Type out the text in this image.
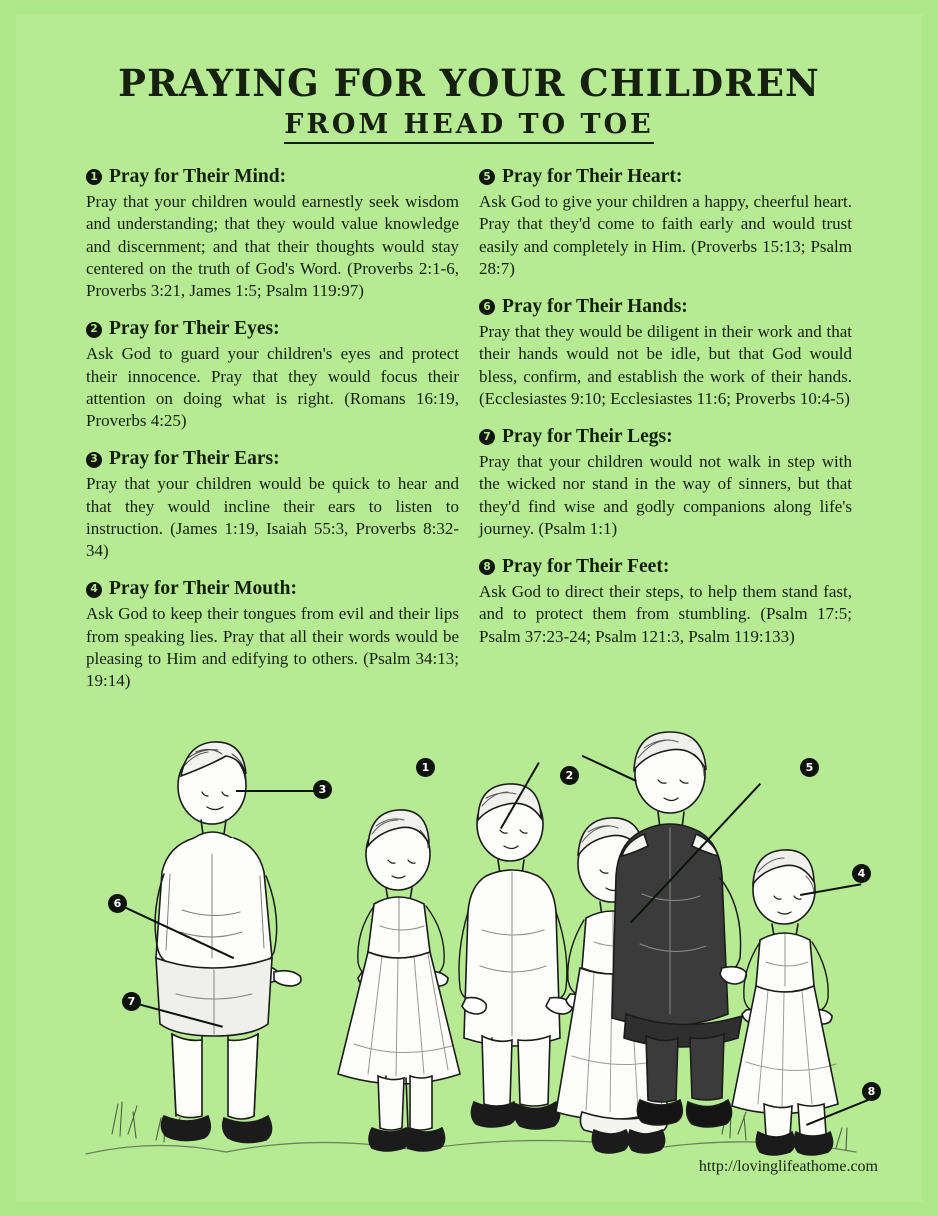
PRAYING FOR YOUR CHILDREN
FROM HEAD TO TOE
1 Pray for Their Mind:
Pray that your children would earnestly seek wisdom and understanding; that they would value knowledge and discernment; and that their thoughts would stay centered on the truth of God's Word. (Proverbs 2:1-6, Proverbs 3:21, James 1:5; Psalm 119:97)
2 Pray for Their Eyes:
Ask God to guard your children's eyes and protect their innocence. Pray that they would focus their attention on doing what is right. (Romans 16:19, Proverbs 4:25)
3 Pray for Their Ears:
Pray that your children would be quick to hear and that they would incline their ears to listen to instruction. (James 1:19, Isaiah 55:3, Proverbs 8:32-34)
4 Pray for Their Mouth:
Ask God to keep their tongues from evil and their lips from speaking lies. Pray that all their words would be pleasing to Him and edifying to others. (Psalm 34:13; 19:14)
5 Pray for Their Heart:
Ask God to give your children a happy, cheerful heart. Pray that they'd come to faith early and would trust easily and completely in Him. (Proverbs 15:13; Psalm 28:7)
6 Pray for Their Hands:
Pray that they would be diligent in their work and that their hands would not be idle, but that God would bless, confirm, and establish the work of their hands. (Ecclesiastes 9:10; Ecclesiastes 11:6; Proverbs 10:4-5)
7 Pray for Their Legs:
Pray that your children would not walk in step with the wicked nor stand in the way of sinners, but that they'd find wise and godly companions along life's journey. (Psalm 1:1)
8 Pray for Their Feet:
Ask God to direct their steps, to help them stand fast, and to protect them from stumbling. (Psalm 17:5; Psalm 37:23-24; Psalm 121:3, Psalm 119:133)
3
1
2
5
4
6
7
8
http://lovinglifeathome.com
